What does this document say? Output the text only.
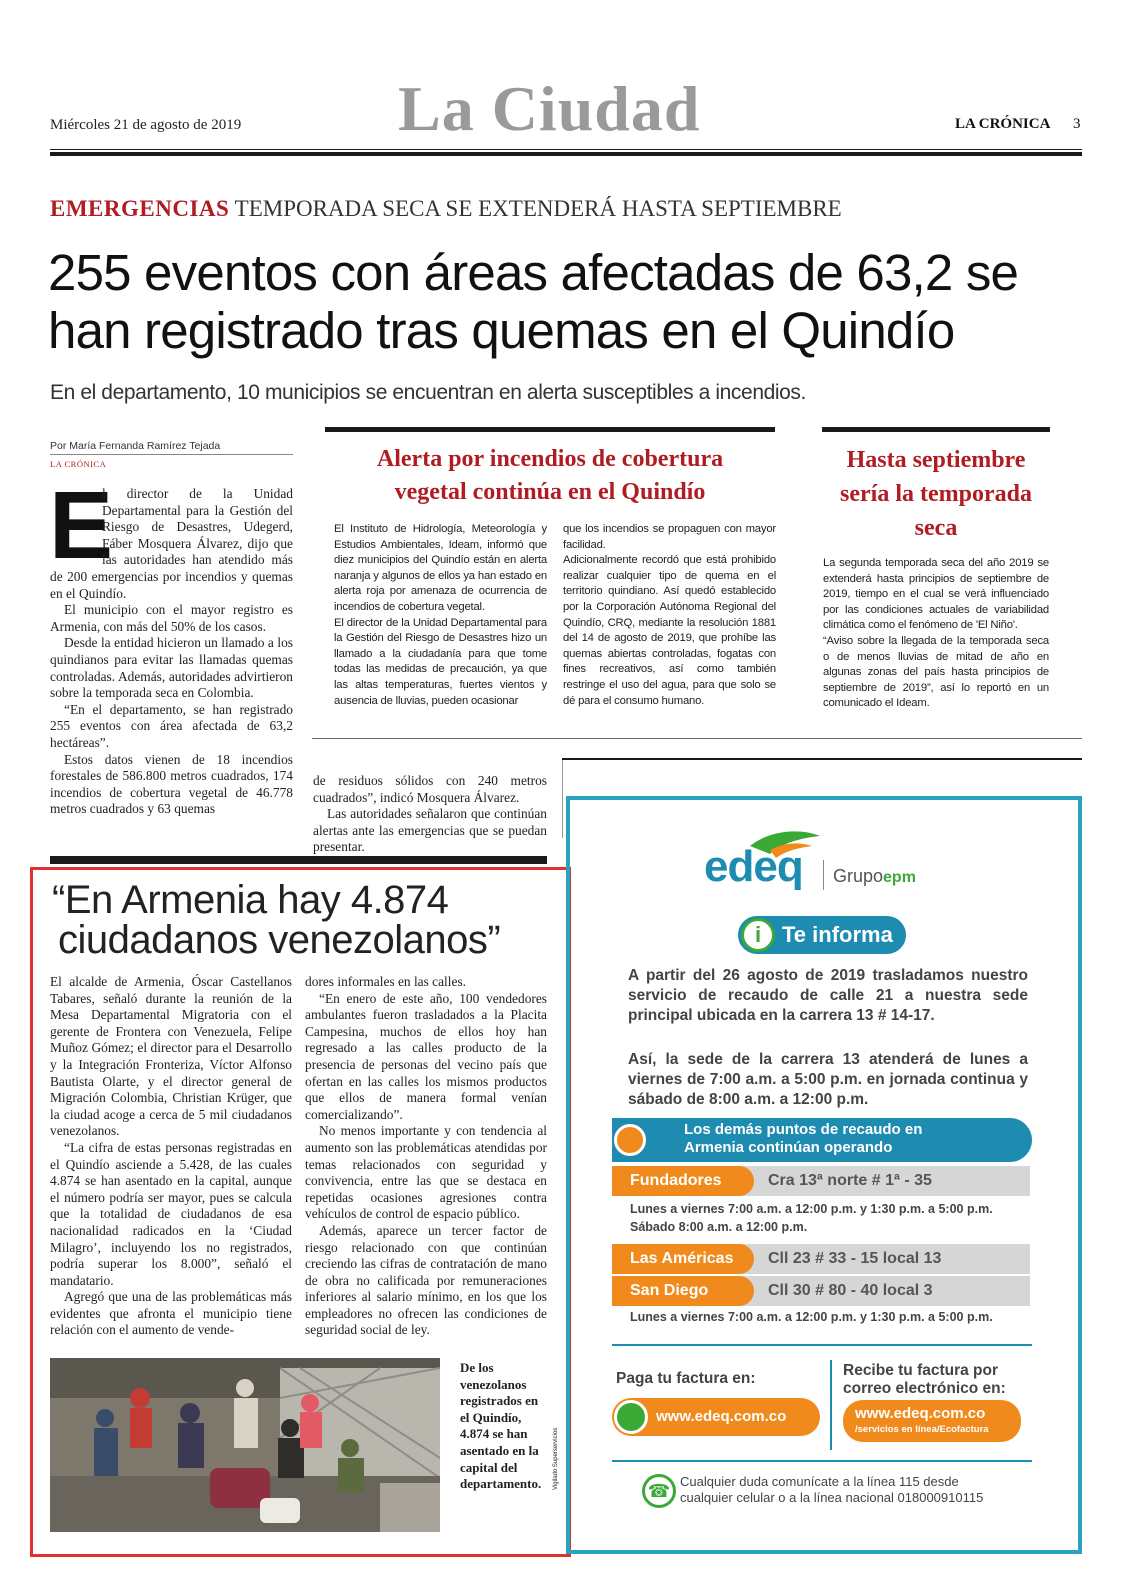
Miércoles 21 de agosto de 2019 La Ciudad	LA CRÓNICA 3
EMERGENCIAS TEMPORADA SECA SE EXTENDERÁ HASTA SEPTIEMBRE
255 eventos con áreas afectadas de 63,2 se
han registrado tras quemas en el Quindío
En el departamento, 10 municipios se encuentran en alerta susceptibles a incendios.
Por María Fernanda Ramírez Tejada
LA CRÓNICA
E

l director de la Unidad Departamental para la Gestión del Riesgo de Desastres, Udegerd, Fáber Mosquera Álvarez, dijo que las autoridades han atendido más de 200 emergencias por incendios y quemas en el Quindío.

El municipio con el mayor registro es Armenia, con más del 50% de los casos.

Desde la entidad hicieron un llamado a los quindianos para evitar las llamadas quemas controladas. Además, autoridades advirtieron sobre la temporada seca en Colombia.

“En el departamento, se han registrado 255 eventos con área afectada de 63,2 hectáreas”.

Estos datos vienen de 18 incendios forestales de 586.800 metros cuadrados, 174 incendios de cobertura vegetal de 46.778 metros cuadrados y 63 quemas

Alerta por incendios de cobertura
vegetal continúa en el Quindío

El Instituto de Hidrología, Meteorología y Estudios Ambientales, Ideam, informó que diez municipios del Quindío están en alerta naranja y algunos de ellos ya han estado en alerta roja por amenaza de ocurrencia de incendios de cobertura vegetal.

El director de la Unidad Departamental para la Gestión del Riesgo de Desastres hizo un llamado a la ciudadanía para que tome todas las medidas de precaución, ya que las altas temperaturas, fuertes vientos y ausencia de lluvias, pueden ocasionar

que los incendios se propaguen con mayor facilidad.

Adicionalmente recordó que está prohibido realizar cualquier tipo de quema en el territorio quindiano. Así quedó establecido por la Corporación Autónoma Regional del Quindío, CRQ, mediante la resolución 1881 del 14 de agosto de 2019, que prohíbe las quemas abiertas controladas, fogatas con fines recreativos, así como también restringe el uso del agua, para que solo se dé para el consumo humano.

de residuos sólidos con 240 metros cuadrados”, indicó Mosquera Álvarez.

Las autoridades señalaron que continúan alertas ante las emergencias que se puedan presentar.

Hasta septiembre
sería la temporada
seca

La segunda temporada seca del año 2019 se extenderá hasta principios de septiembre de 2019, tiempo en el cual se verá influenciado por las condiciones actuales de variabilidad climática como el fenómeno de 'El Niño'.

“Aviso sobre la llegada de la temporada seca o de menos lluvias de mitad de año en algunas zonas del país hasta principios de septiembre de 2019”, así lo reportó en un comunicado el Ideam.

“En Armenia hay 4.874
ciudadanos venezolanos”

El alcalde de Armenia, Óscar Castellanos Tabares, señaló durante la reunión de la Mesa Departamental Migratoria con el gerente de Frontera con Venezuela, Felipe Muñoz Gómez; el director para el Desarrollo y la Integración Fronteriza, Víctor Alfonso Bautista Olarte, y el director general de Migración Colombia, Christian Krüger, que la ciudad acoge a cerca de 5 mil ciudadanos venezolanos.

“La cifra de estas personas registradas en el Quindío asciende a 5.428, de las cuales 4.874 se han asentado en la capital, aunque el número podría ser mayor, pues se calcula que la totalidad de ciudadanos de esa nacionalidad radicados en la ‘Ciudad Milagro’, incluyendo los no registrados, podría superar los 8.000”, señaló el mandatario.

Agregó que una de las problemáticas más evidentes que afronta el municipio tiene relación con el aumento de vende-

dores informales en las calles.

“En enero de este año, 100 vendedores ambulantes fueron trasladados a la Placita Campesina, muchos de ellos hoy han regresado a las calles producto de la presencia de personas del vecino país que ofertan en las calles los mismos productos que ellos de manera formal venían comercializando”.

No menos importante y con tendencia al aumento son las problemáticas atendidas por temas relacionados con seguridad y convivencia, entre las que se destaca en repetidas ocasiones agresiones contra vehículos de control de espacio público.

Además, aparece un tercer factor de riesgo relacionado con que continúan creciendo las cifras de contratación de mano de obra no calificada por remuneraciones inferiores al salario mínimo, en los que los empleadores no ofrecen las condiciones de seguridad social de ley.

De los venezolanos registrados en el Quindío, 4.874 se han asentado en la capital del departamento.
edeq Grupoepm
i Te informa
A partir del 26 agosto de 2019 trasladamos nuestro servicio de recaudo de calle 21 a nuestra sede principal ubicada en la carrera 13 # 14-17.
Así, la sede de la carrera 13 atenderá de lunes a viernes de 7:00 a.m. a 5:00 p.m. en jornada continua y sábado de 8:00 a.m. a 12:00 p.m.
Los demás puntos de recaudo en
Armenia continúan operando
Fundadores	Cra 13ª norte # 1ª - 35
Lunes a viernes 7:00 a.m. a 12:00 p.m. y 1:30 p.m. a 5:00 p.m.
Sábado 8:00 a.m. a 12:00 p.m.
Las Américas	Cll 23 # 33 - 15 local 13
San Diego	Cll 30 # 80 - 40 local 3
Lunes a viernes 7:00 a.m. a 12:00 p.m. y 1:30 p.m. a 5:00 p.m.
Paga tu factura en:
www.edeq.com.co
Recibe tu factura por
correo electrónico en:
www.edeq.com.co
/servicios en línea/Ecofactura
☎ Cualquier duda comunícate a la línea 115 desde
cualquier celular o a la línea nacional 018000910115
Vigilado Superservicios
